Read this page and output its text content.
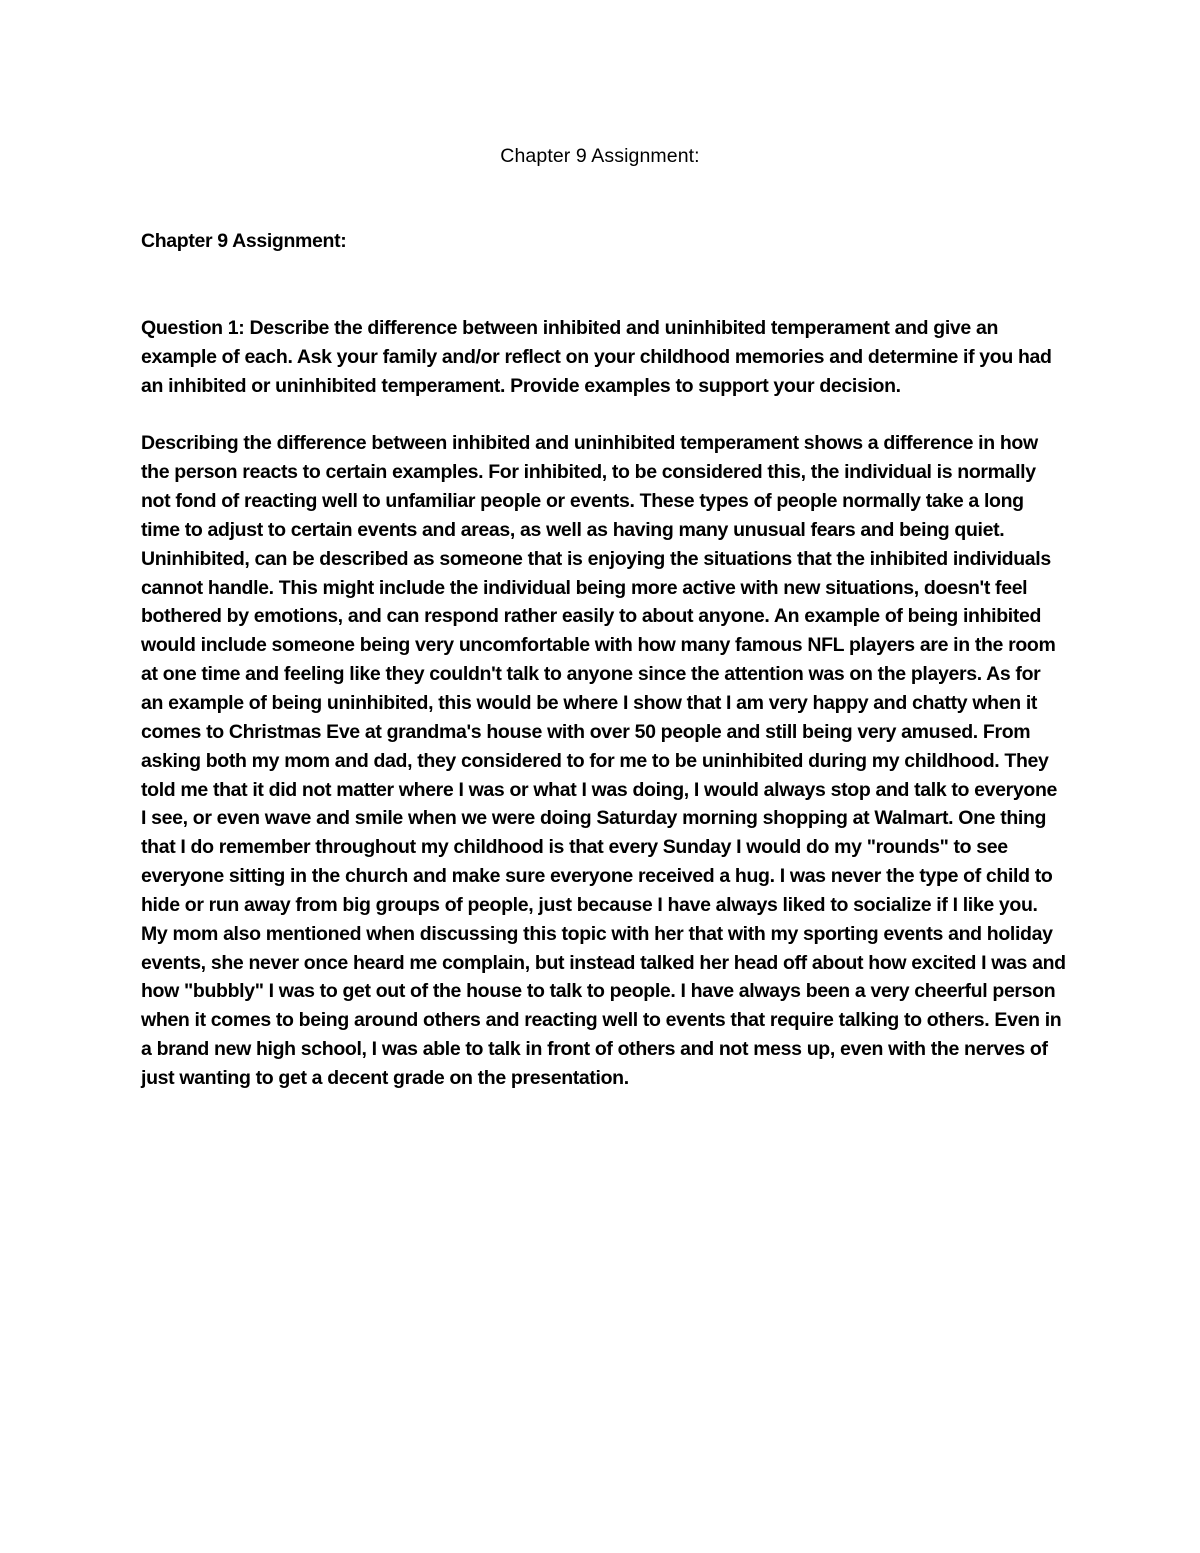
Chapter 9 Assignment:
Chapter 9 Assignment:

Question 1: Describe the difference between inhibited and uninhibited temperament and give an example of each. Ask your family and/or reflect on your childhood memories and determine if you had an inhibited or uninhibited temperament. Provide examples to support your decision.

Describing the difference between inhibited and uninhibited temperament shows a difference in how the person reacts to certain examples. For inhibited, to be considered this, the individual is normally not fond of reacting well to unfamiliar people or events. These types of people normally take a long time to adjust to certain events and areas, as well as having many unusual fears and being quiet. Uninhibited, can be described as someone that is enjoying the situations that the inhibited individuals cannot handle. This might include the individual being more active with new situations, doesn't feel bothered by emotions, and can respond rather easily to about anyone. An example of being inhibited would include someone being very uncomfortable with how many famous NFL players are in the room at one time and feeling like they couldn't talk to anyone since the attention was on the players. As for an example of being uninhibited, this would be where I show that I am very happy and chatty when it comes to Christmas Eve at grandma's house with over 50 people and still being very amused. From asking both my mom and dad, they considered to for me to be uninhibited during my childhood. They told me that it did not matter where I was or what I was doing, I would always stop and talk to everyone I see, or even wave and smile when we were doing Saturday morning shopping at Walmart. One thing that I do remember throughout my childhood is that every Sunday I would do my "rounds" to see everyone sitting in the church and make sure everyone received a hug. I was never the type of child to hide or run away from big groups of people, just because I have always liked to socialize if I like you. My mom also mentioned when discussing this topic with her that with my sporting events and holiday events, she never once heard me complain, but instead talked her head off about how excited I was and how "bubbly" I was to get out of the house to talk to people. I have always been a very cheerful person when it comes to being around others and reacting well to events that require talking to others. Even in a brand new high school, I was able to talk in front of others and not mess up, even with the nerves of just wanting to get a decent grade on the presentation.
